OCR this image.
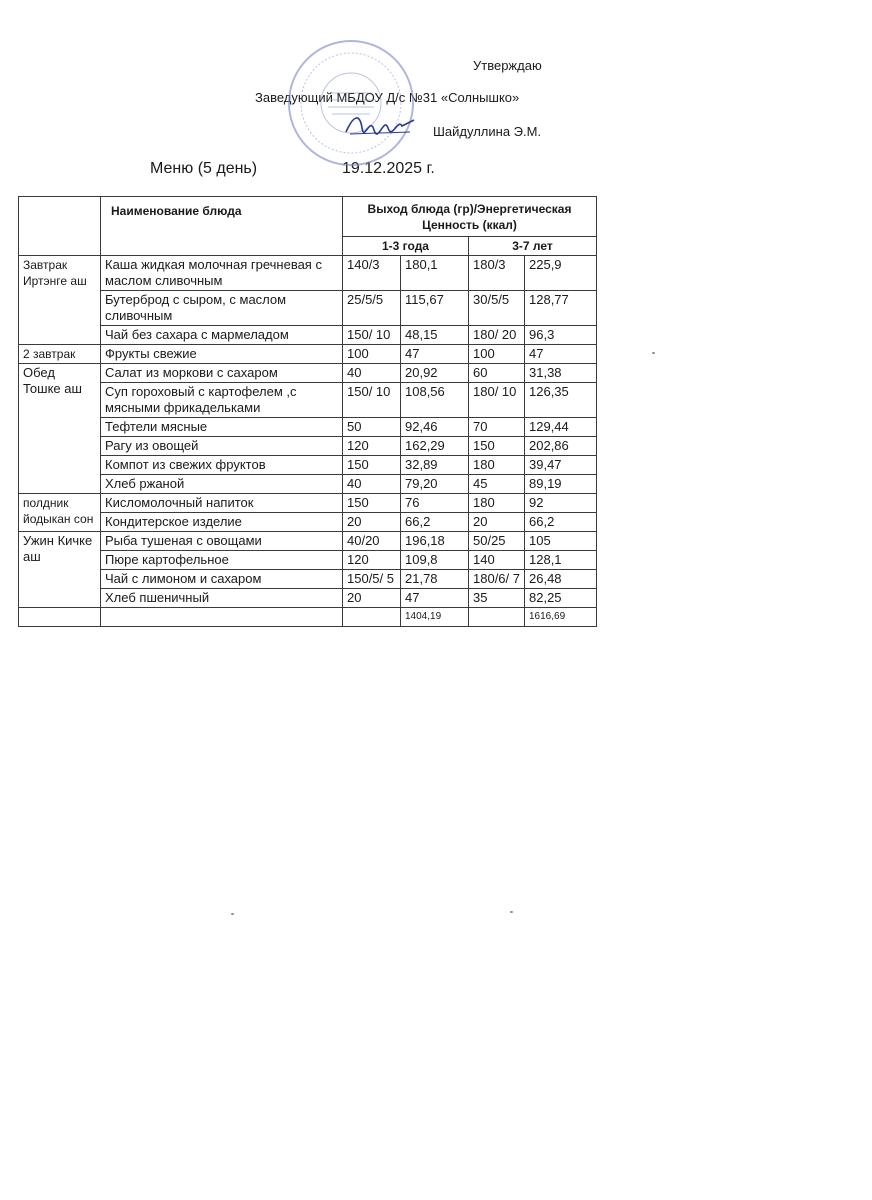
Утверждаю
Заведующий МБДОУ Д/с №31 «Солнышко»
Шайдуллина Э.М.
Меню (5 день)	19.12.2025 г.
	Наименование блюда	Выход блюда (гр)/Энергетическая Ценность (ккал)			
		1-3 года		3-7 лет	
Завтрак Иртэнге аш	Каша жидкая молочная гречневая с маслом сливочным	140/3	180,1	180/3	225,9
	Бутерброд с сыром, с маслом сливочным	25/5/5	115,67	30/5/5	128,77
	Чай без сахара с мармеладом	150/ 10	48,15	180/ 20	96,3
2 завтрак	Фрукты свежие	100	47	100	47
Обед Тошке аш	Салат из моркови с сахаром	40	20,92	60	31,38
	Суп гороховый с картофелем ,с мясными фрикадельками	150/ 10	108,56	180/ 10	126,35
	Тефтели мясные	50	92,46	70	129,44
	Рагу из овощей	120	162,29	150	202,86
	Компот из свежих фруктов	150	32,89	180	39,47
	Хлеб ржаной	40	79,20	45	89,19
полдник йодыкан сон	Кисломолочный напиток	150	76	180	92
	Кондитерское изделие	20	66,2	20	66,2
Ужин Кичке аш	Рыба тушеная с овощами	40/20	196,18	50/25	105
	Пюре картофельное	120	109,8	140	128,1
	Чай с лимоном и сахаром	150/5/ 5	21,78	180/6/ 7	26,48
	Хлеб пшеничный	20	47	35	82,25
			1404,19		1616,69
